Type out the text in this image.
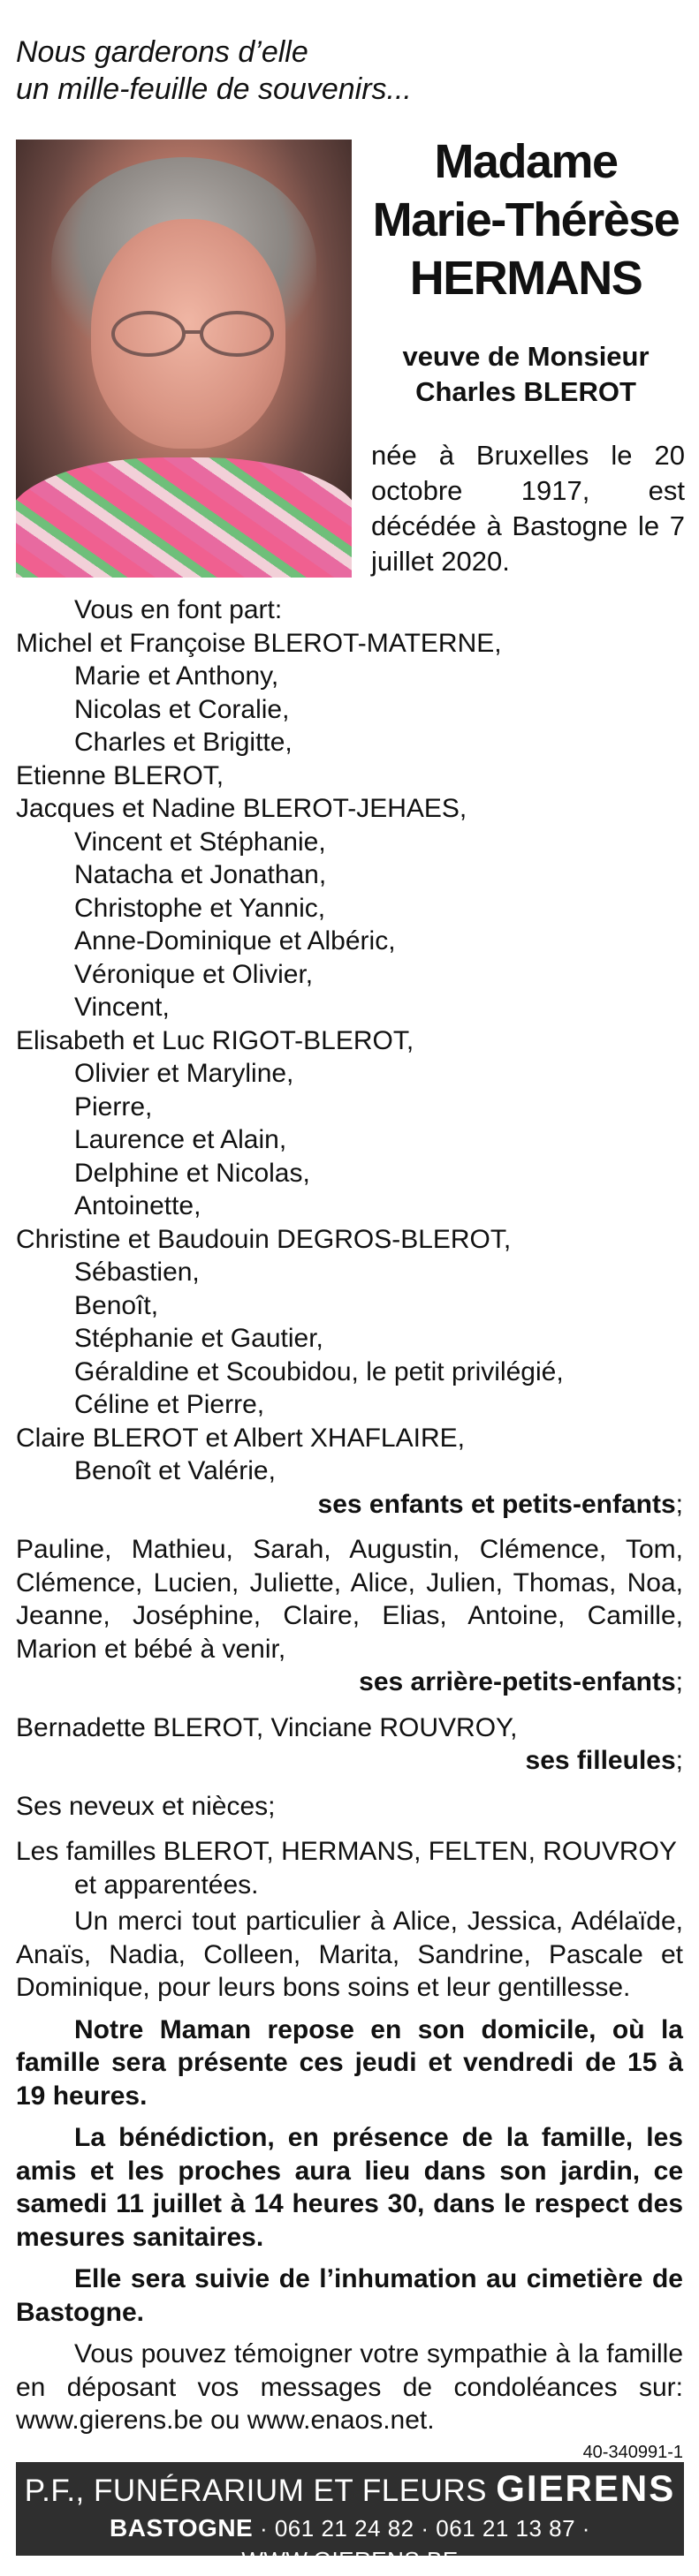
Nous garderons d’elle
un mille-feuille de souvenirs...
Madame
Marie-Thérèse
HERMANS
veuve de Monsieur
Charles BLEROT
née à Bruxelles le 20 octobre 1917, est décédée à Bastogne le 7 juillet 2020.
Vous en font part:
Michel et Françoise BLEROT-MATERNE,
Marie et Anthony,
Nicolas et Coralie,
Charles et Brigitte,
Etienne BLEROT,
Jacques et Nadine BLEROT-JEHAES,
Vincent et Stéphanie,
Natacha et Jonathan,
Christophe et Yannic,
Anne-Dominique et Albéric,
Véronique et Olivier,
Vincent,
Elisabeth et Luc RIGOT-BLEROT,
Olivier et Maryline,
Pierre,
Laurence et Alain,
Delphine et Nicolas,
Antoinette,
Christine et Baudouin DEGROS-BLEROT,
Sébastien,
Benoît,
Stéphanie et Gautier,
Géraldine et Scoubidou, le petit privilégié,
Céline et Pierre,
Claire BLEROT et Albert XHAFLAIRE,
Benoît et Valérie,
ses enfants et petits-enfants;

Pauline, Mathieu, Sarah, Augustin, Clémence, Tom, Clémence, Lucien, Juliette, Alice, Julien, Thomas, Noa, Jeanne, Joséphine, Claire, Elias, Antoine, Camille, Marion et bébé à venir,

ses arrière-petits-enfants;
Bernadette BLEROT, Vinciane ROUVROY,
ses filleules;
Ses neveux et nièces;
Les familles BLEROT, HERMANS, FELTEN, ROUVROY
et apparentées.

Un merci tout particulier à Alice, Jessica, Adélaïde, Anaïs, Nadia, Colleen, Marita, Sandrine, Pascale et Dominique, pour leurs bons soins et leur gentillesse.

Notre Maman repose en son domicile, où la famille sera présente ces jeudi et vendredi de 15 à 19 heures.

La bénédiction, en présence de la famille, les amis et les proches aura lieu dans son jardin, ce samedi 11 juillet à 14 heures 30, dans le respect des mesures sanitaires.

Elle sera suivie de l’inhumation au cimetière de Bastogne.

Vous pouvez témoigner votre sympathie à la famille en déposant vos messages de condoléances sur: www.gierens.be ou www.enaos.net.

40-340991-1
P.F., FUNÉRARIUM ET FLEURS GIERENS
BASTOGNE · 061 21 24 82 · 061 21 13 87 · WWW.GIERENS.BE
